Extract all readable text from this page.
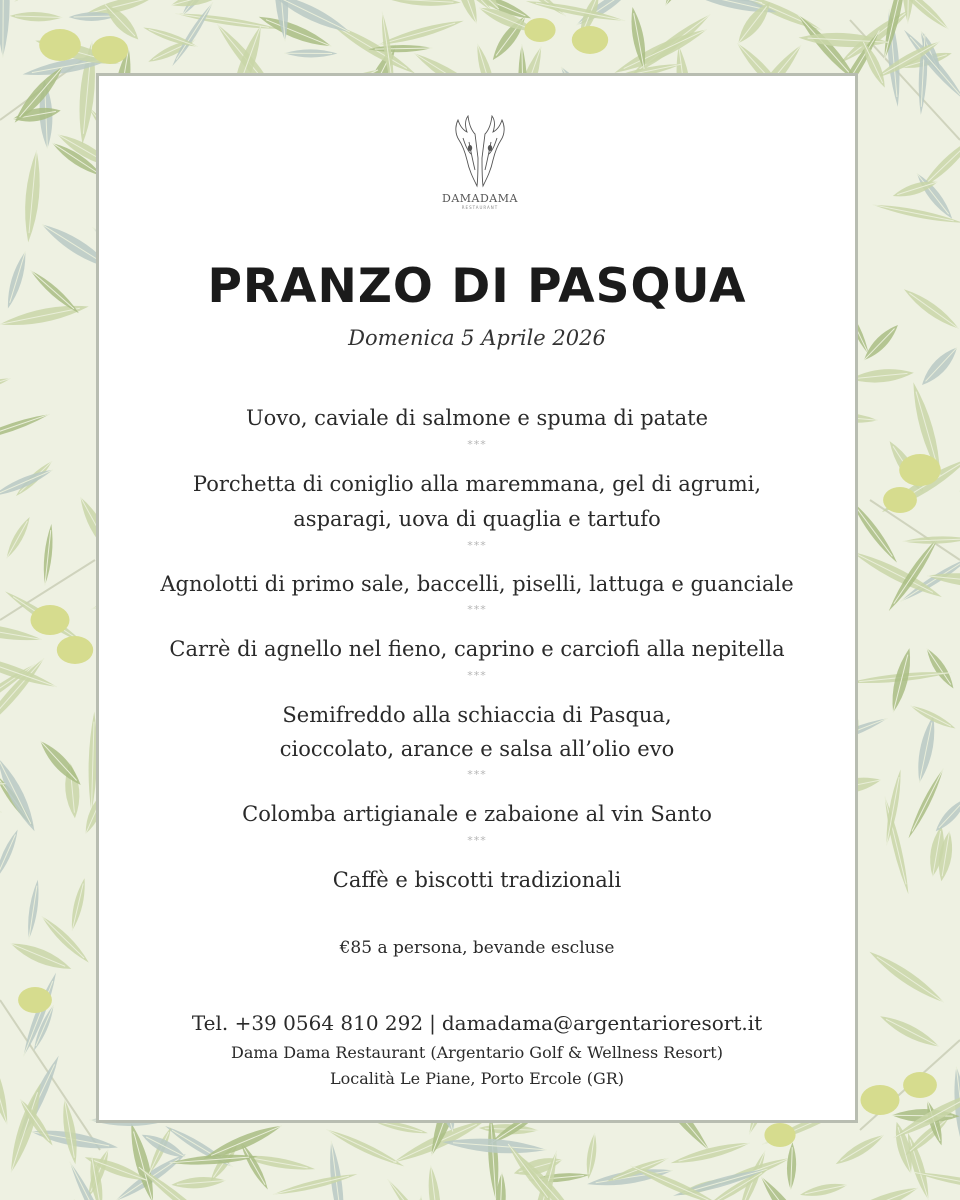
DAMADAMA
RESTAURANT
PRANZO DI PASQUA
Domenica 5 Aprile 2026
Uovo, caviale di salmone e spuma di patate
***
Porchetta di coniglio alla maremmana, gel di agrumi,
asparagi, uova di quaglia e tartufo
***
Agnolotti di primo sale, baccelli, piselli, lattuga e guanciale
***
Carrè di agnello nel fieno, caprino e carciofi alla nepitella
***
Semifreddo alla schiaccia di Pasqua,
cioccolato, arance e salsa all’olio evo
***
Colomba artigianale e zabaione al vin Santo
***
Caffè e biscotti tradizionali
€85 a persona, bevande escluse
Tel. +39 0564 810 292 | damadama@argentarioresort.it
Dama Dama Restaurant (Argentario Golf & Wellness Resort)
Località Le Piane, Porto Ercole (GR)
